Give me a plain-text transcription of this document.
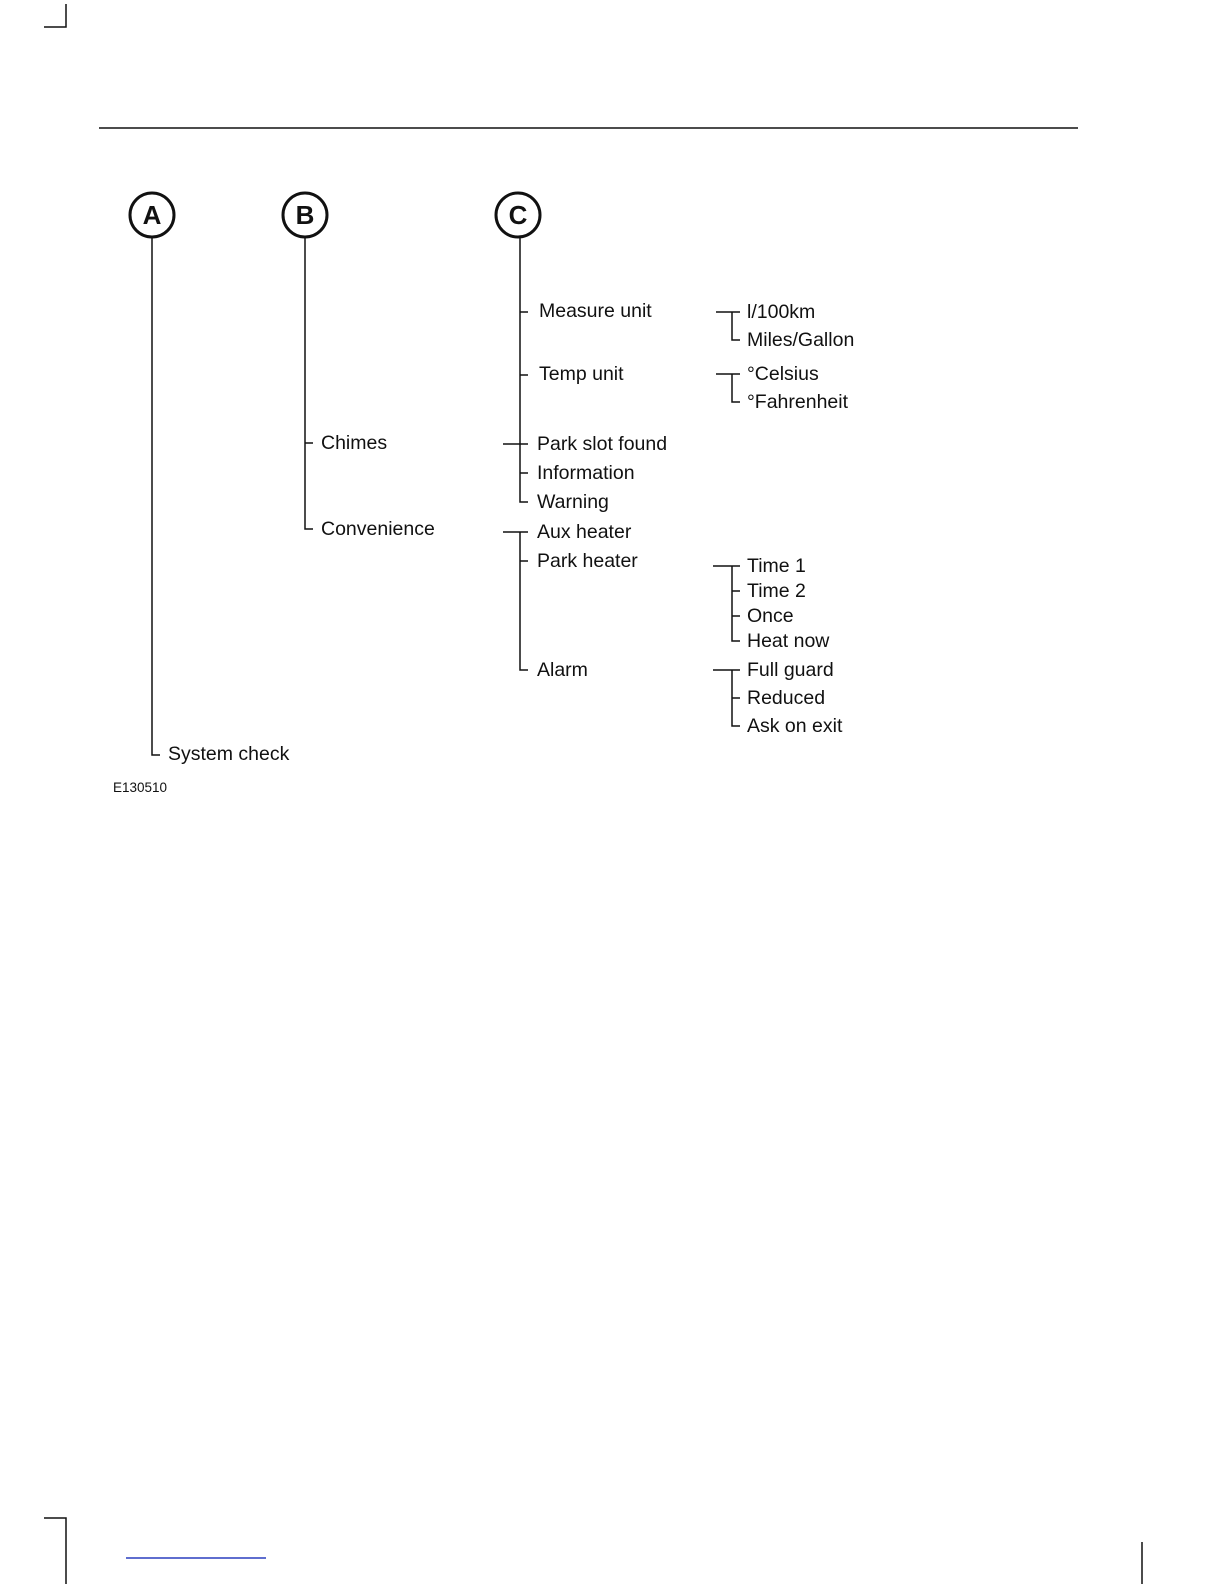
A	B	C
System check
Chimes
Convenience
Measure unit
Temp unit
Park slot found
Information
Warning
Aux heater
Park heater
Alarm
l/100km
Miles/Gallon
°Celsius
°Fahrenheit
Time 1
Time 2
Once
Heat now
Full guard
Reduced
Ask on exit
E130510
